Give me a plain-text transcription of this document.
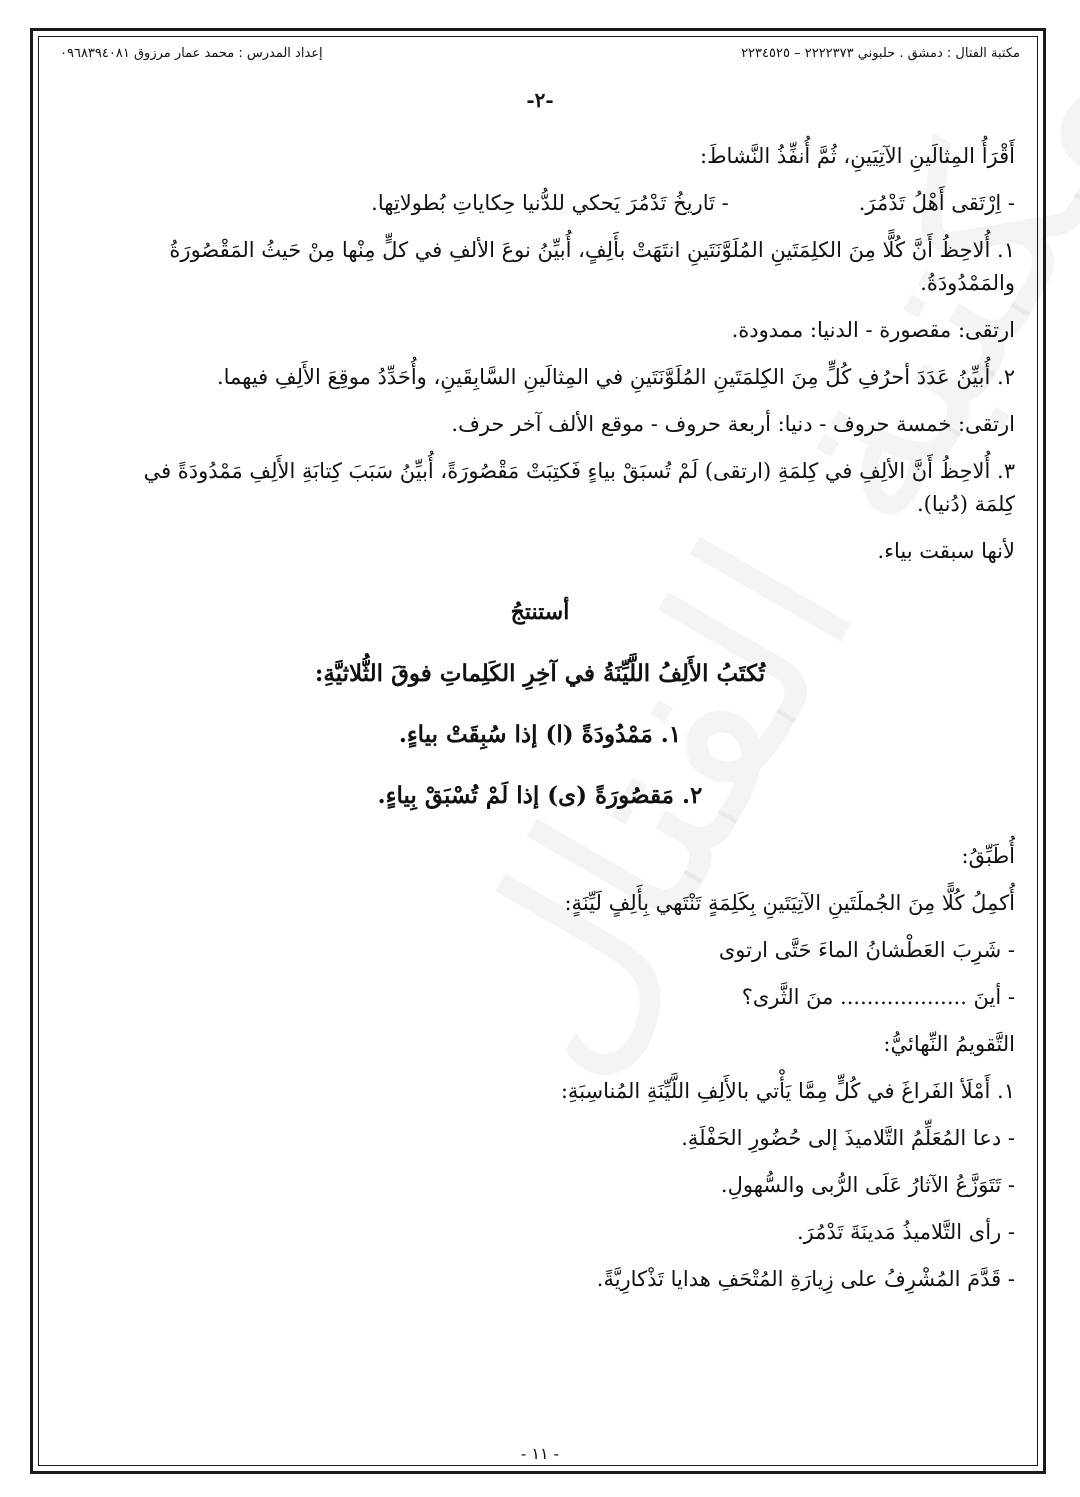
مكتبة الفتال : دمشق . حلبوني ٢٢٢٢٣٧٣ – ٢٢٣٤٥٢٥
إعداد المدرس : محمد عمار مرزوق ٠٩٦٨٣٩٤٠٨١
-٢-

أَقْرَأُ المِثالَينِ الآتِيَينِ، ثُمَّ أُنفِّذُ النَّشاطَ:

- اِرْتَقى أَهْلُ تَدْمُرَ.
- تَاريخُ تَدْمُرَ يَحكي للدُّنيا حِكاياتِ بُطولاتِها.

١. أُلاحِظُ أَنَّ كُلًّا مِنَ الكلِمَتَينِ المُلَوَّنَتَينِ انتَهَتْ بأَلِفٍ، أُبيِّنُ نوعَ الألفِ في كلٍّ مِنْها مِنْ حَيثُ المَقْصُورَةُ

والمَمْدُودَةُ.

ارتقى: مقصورة - الدنيا: ممدودة.

٢. أُبيِّنُ عَدَدَ أحرُفِ كُلٍّ مِنَ الكِلمَتَينِ المُلَوَّنَتَينِ في المِثالَينِ السَّابِقَينِ، وأُحَدِّدُ موقِعَ الأَلِفِ فيهما.

ارتقى: خمسة حروف - دنيا: أربعة حروف - موقع الألف آخر حرف.

٣. أُلاحِظُ أَنَّ الألِفِ في كِلمَةِ (ارتقى) لَمْ تُسبَقْ بياءٍ فَكتِبَتْ مَقْصُورَةً، أُبيِّنُ سَبَبَ كِتابَةِ الأَلِفِ مَمْدُودَةً في

كِلمَة (دُنيا).

لأنها سبقت بياء.

أستنتجُ

تُكتَبُ الأَلِفُ اللَّيِّنَةُ في آخِرِ الكَلِماتِ فوقَ الثُّلاثيَّةِ:

١. مَمْدُودَةً (ا) إذا سُبِقَتْ بياءٍ.

٢. مَقصُورَةً (ى) إذا لَمْ تُسْبَقْ بِياءٍ.

أُطَبِّقُ:

أُكمِلُ كُلًّا مِنَ الجُملَتَينِ الآتِيَتَينِ بِكَلِمَةٍ تَنْتَهي بِأَلِفٍ لَيِّنَةٍ:

- شَرِبَ العَطْشانُ الماءَ حَتَّى ارتوى

- أينَ ................... منَ الثَّرى؟

التَّقويمُ النِّهائيُّ:

١. أَمْلَأ الفَراغَ في كُلٍّ مِمَّا يَأْتي بالأَلِفِ اللَّيِّنَةِ المُناسِبَةِ:

- دعا المُعَلِّمُ التَّلاميذَ إلى حُضُورِ الحَفْلَةِ.

- تَتَوَزَّعُ الآثارُ عَلَى الرُّبى والسُّهولِ.

- رأى التَّلاميذُ مَدينَةَ تَدْمُرَ.

- قَدَّمَ المُشْرِفُ على زِيارَةِ المُتْحَفِ هدايا تَذْكارِيَّةً.

- ١١ -
